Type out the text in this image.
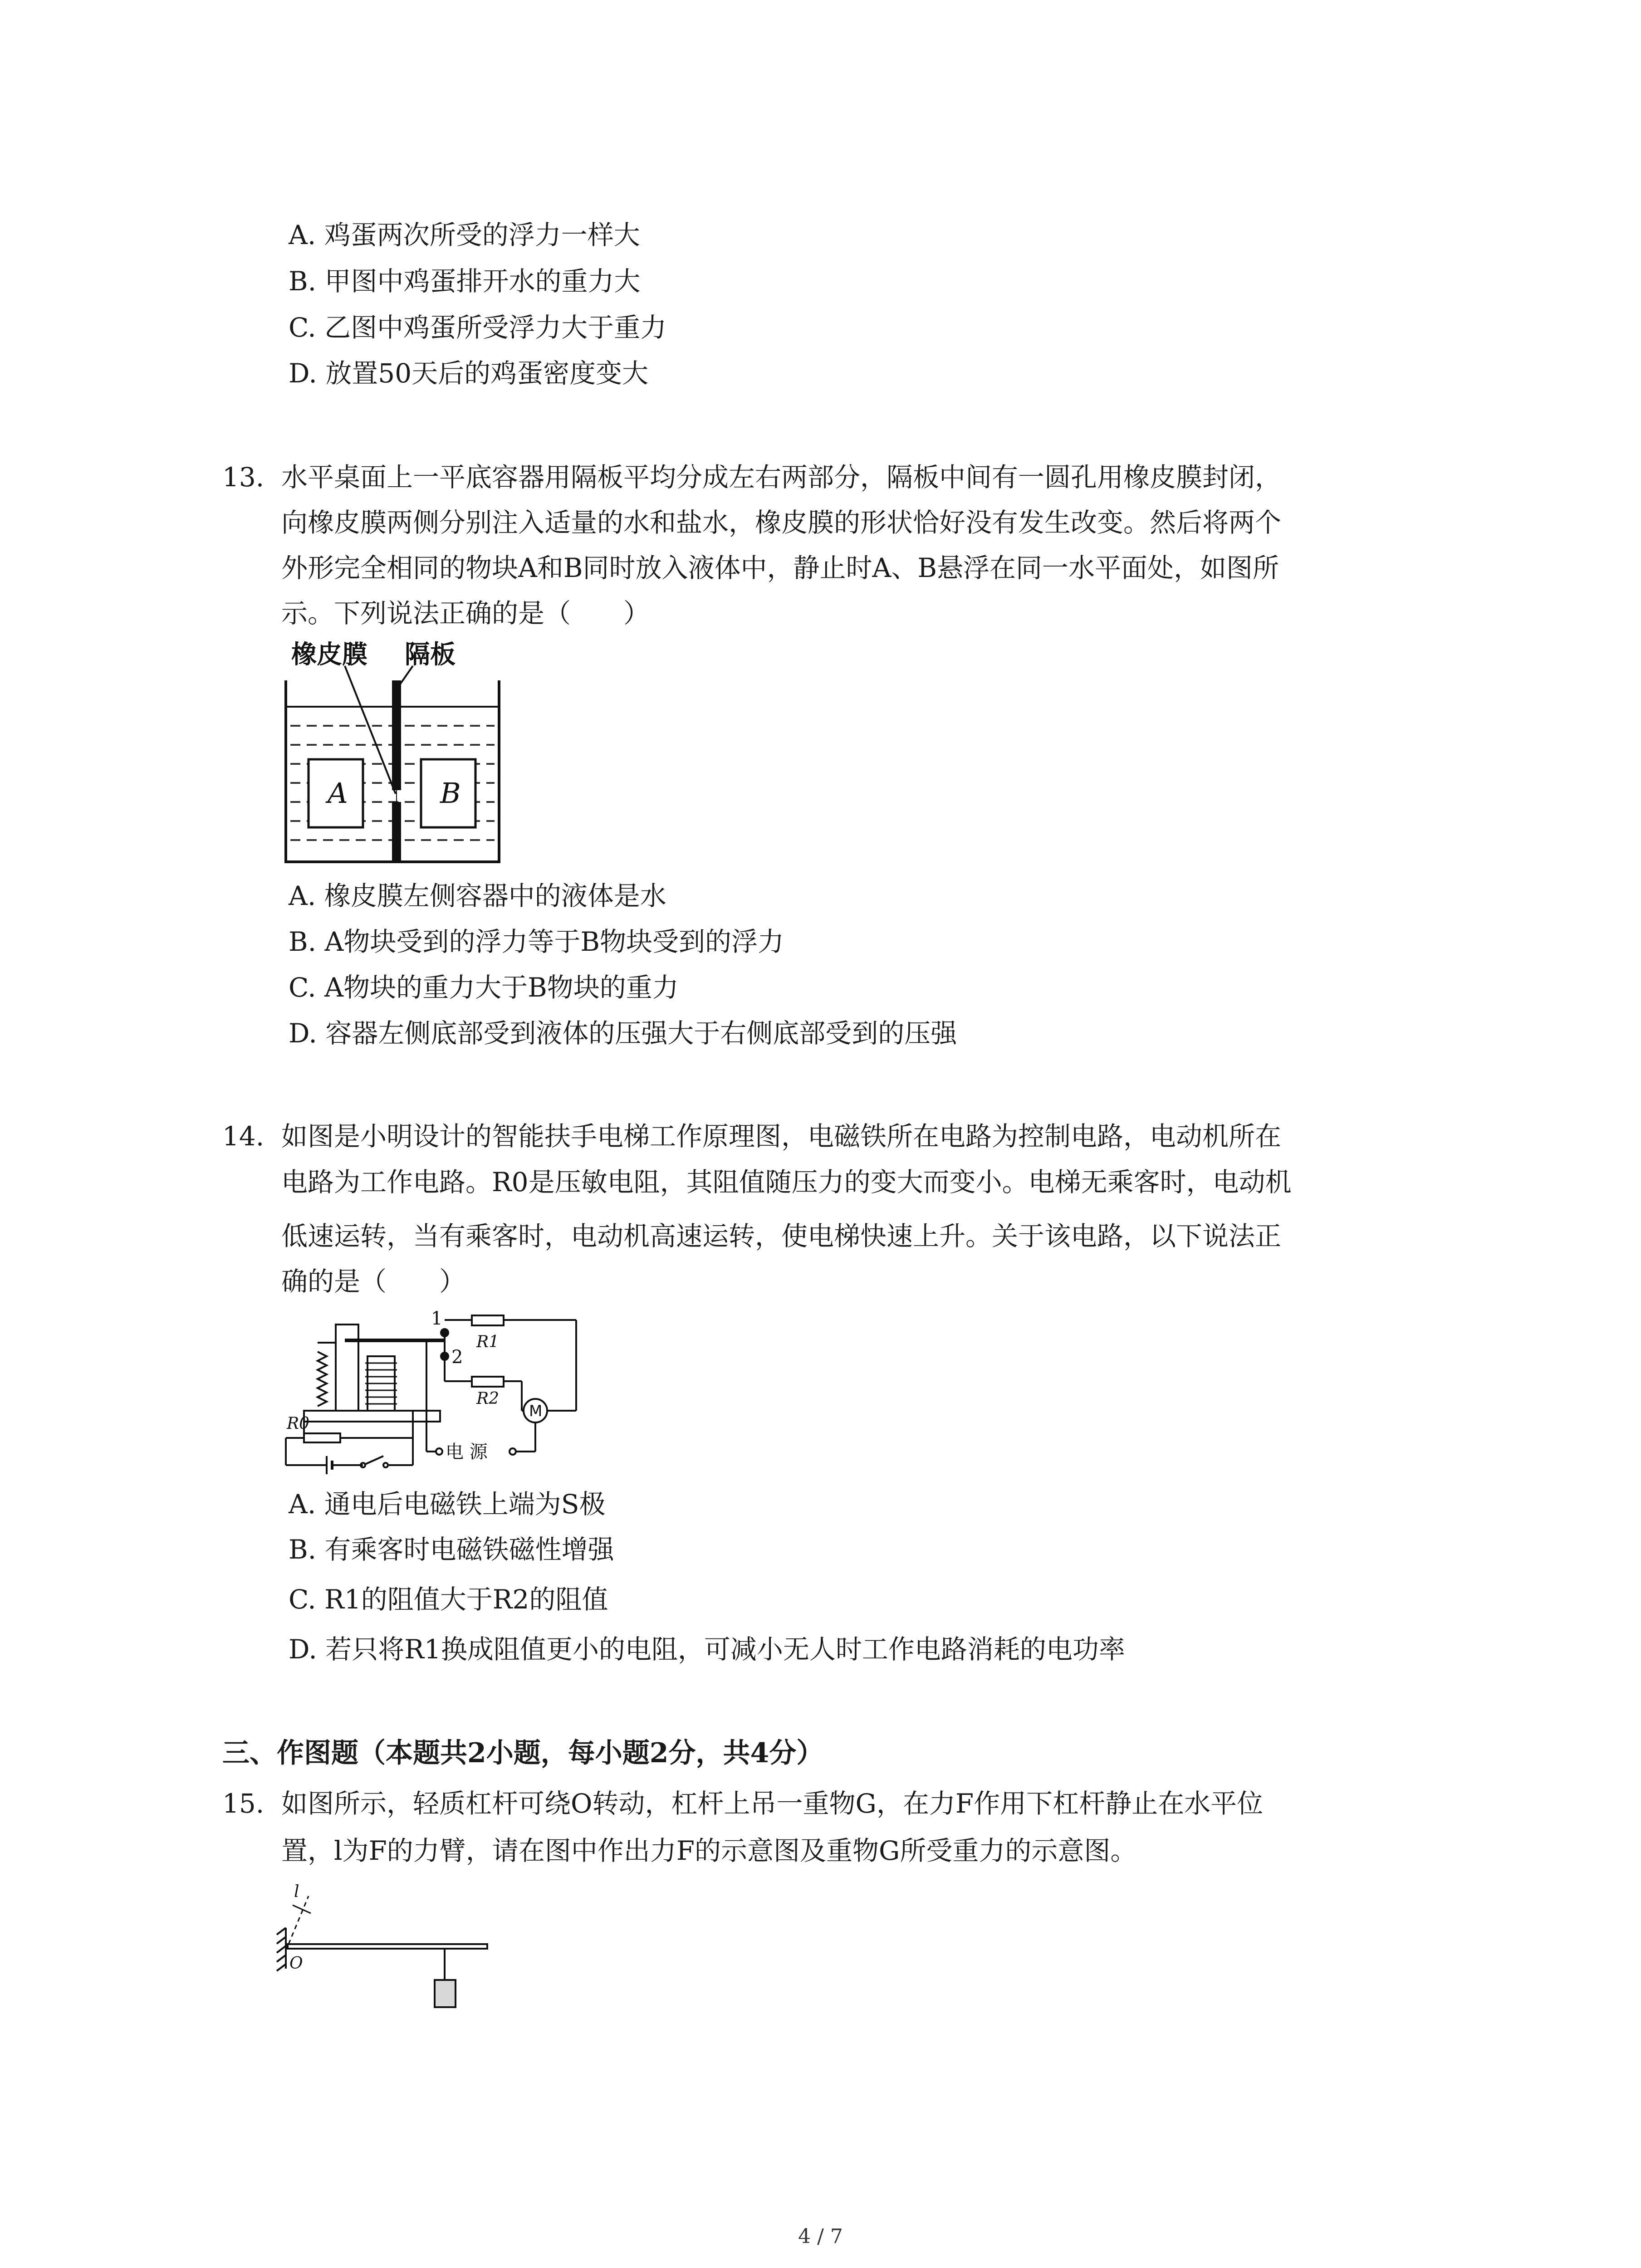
A. 鸡蛋两次所受的浮力一样大
B. 甲图中鸡蛋排开水的重力大
C. 乙图中鸡蛋所受浮力大于重力
D. 放置50天后的鸡蛋密度变大
13. 水平桌面上一平底容器用隔板平均分成左右两部分，隔板中间有一圆孔用橡皮膜封闭，
向橡皮膜两侧分别注入适量的水和盐水，橡皮膜的形状恰好没有发生改变。然后将两个
外形完全相同的物块A和B同时放入液体中，静止时A、B悬浮在同一水平面处，如图所
示。下列说法正确的是（　　）
橡皮膜 隔板
A	B
A. 橡皮膜左侧容器中的液体是水
B. A物块受到的浮力等于B物块受到的浮力
C. A物块的重力大于B物块的重力
D. 容器左侧底部受到液体的压强大于右侧底部受到的压强
14. 如图是小明设计的智能扶手电梯工作原理图，电磁铁所在电路为控制电路，电动机所在
电路为工作电路。R0是压敏电阻，其阻值随压力的变大而变小。电梯无乘客时，电动机
低速运转，当有乘客时，电动机高速运转，使电梯快速上升。关于该电路，以下说法正
确的是（　　）
1
2
R1
R2
R0
M
电 源
A. 通电后电磁铁上端为S极
B. 有乘客时电磁铁磁性增强
C. R1的阻值大于R2的阻值
D. 若只将R1换成阻值更小的电阻，可减小无人时工作电路消耗的电功率
三、作图题（本题共2小题，每小题2分，共4分）
15. 如图所示，轻质杠杆可绕O转动，杠杆上吊一重物G，在力F作用下杠杆静止在水平位
置，l为F的力臂，请在图中作出力F的示意图及重物G所受重力的示意图。
l
O
4 / 7
